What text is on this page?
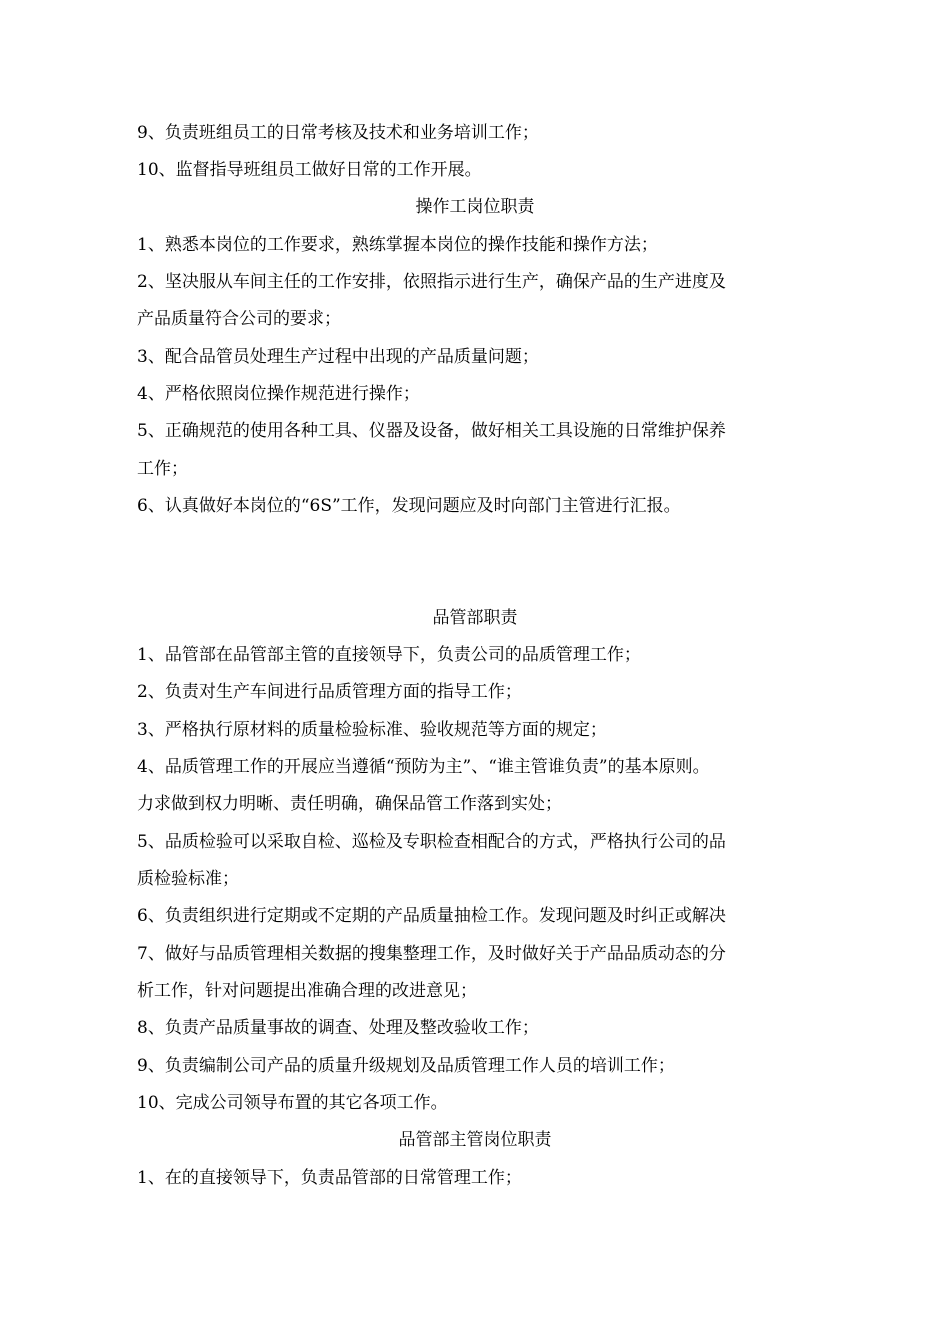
9、负责班组员工的日常考核及技术和业务培训工作；
10、监督指导班组员工做好日常的工作开展。
操作工岗位职责
1、熟悉本岗位的工作要求，熟练掌握本岗位的操作技能和操作方法；
2、坚决服从车间主任的工作安排，依照指示进行生产，确保产品的生产进度及
产品质量符合公司的要求；
3、配合品管员处理生产过程中出现的产品质量问题；
4、严格依照岗位操作规范进行操作；
5、正确规范的使用各种工具、仪器及设备，做好相关工具设施的日常维护保养
工作；
6、认真做好本岗位的“6S”工作，发现问题应及时向部门主管进行汇报。
品管部职责
1、品管部在品管部主管的直接领导下，负责公司的品质管理工作；
2、负责对生产车间进行品质管理方面的指导工作；
3、严格执行原材料的质量检验标准、验收规范等方面的规定；
4、品质管理工作的开展应当遵循“预防为主”、“谁主管谁负责”的基本原则。
力求做到权力明晰、责任明确，确保品管工作落到实处；
5、品质检验可以采取自检、巡检及专职检查相配合的方式，严格执行公司的品
质检验标准；
6、负责组织进行定期或不定期的产品质量抽检工作。发现问题及时纠正或解决
7、做好与品质管理相关数据的搜集整理工作，及时做好关于产品品质动态的分
析工作，针对问题提出准确合理的改进意见；
8、负责产品质量事故的调查、处理及整改验收工作；
9、负责编制公司产品的质量升级规划及品质管理工作人员的培训工作；
10、完成公司领导布置的其它各项工作。
品管部主管岗位职责
1、在的直接领导下，负责品管部的日常管理工作；
